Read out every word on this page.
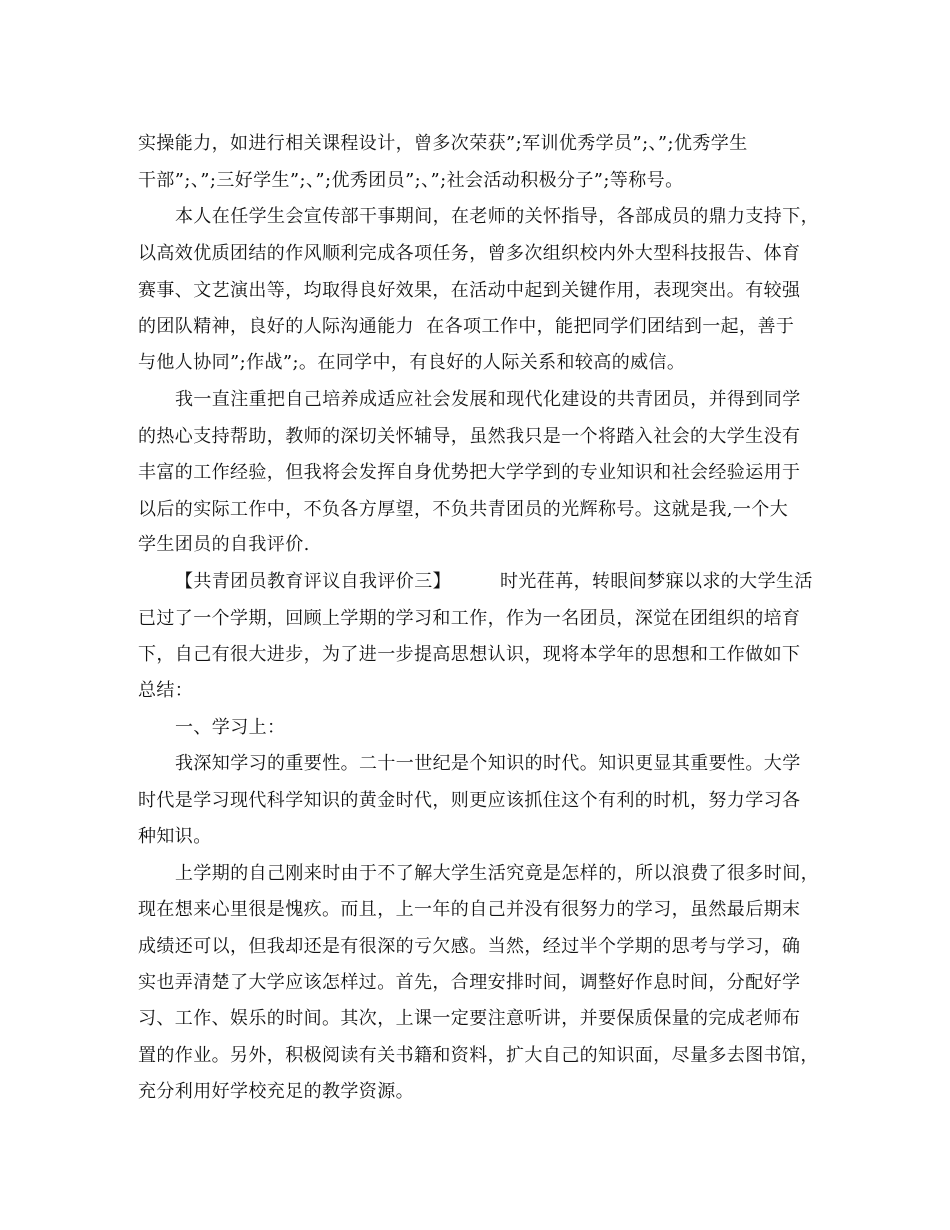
实操能力，如进行相关课程设计，曾多次荣获”;军训优秀学员”;、”;优秀学生
干部”;、”;三好学生”;、”;优秀团员”;、”;社会活动积极分子”;等称号。
本人在任学生会宣传部干事期间，在老师的关怀指导，各部成员的鼎力支持下，
以高效优质团结的作风顺利完成各项任务，曾多次组织校内外大型科技报告、体育
赛事、文艺演出等，均取得良好效果，在活动中起到关键作用，表现突出。有较强
的团队精神，良好的人际沟通能力  在各项工作中，能把同学们团结到一起，善于
与他人协同”;作战”;。在同学中，有良好的人际关系和较高的威信。
我一直注重把自己培养成适应社会发展和现代化建设的共青团员，并得到同学
的热心支持帮助，教师的深切关怀辅导，虽然我只是一个将踏入社会的大学生没有
丰富的工作经验，但我将会发挥自身优势把大学学到的专业知识和社会经验运用于
以后的实际工作中，不负各方厚望，不负共青团员的光辉称号。这就是我,一个大
学生团员的自我评价.
【共青团员教育评议自我评价三】        时光荏苒，转眼间梦寐以求的大学生活
已过了一个学期，回顾上学期的学习和工作，作为一名团员，深觉在团组织的培育
下，自己有很大进步，为了进一步提高思想认识，现将本学年的思想和工作做如下
总结：
一、学习上：
我深知学习的重要性。二十一世纪是个知识的时代。知识更显其重要性。大学
时代是学习现代科学知识的黄金时代，则更应该抓住这个有利的时机，努力学习各
种知识。
上学期的自己刚来时由于不了解大学生活究竟是怎样的，所以浪费了很多时间，
现在想来心里很是愧疚。而且，上一年的自己并没有很努力的学习，虽然最后期末
成绩还可以，但我却还是有很深的亏欠感。当然，经过半个学期的思考与学习，确
实也弄清楚了大学应该怎样过。首先，合理安排时间，调整好作息时间，分配好学
习、工作、娱乐的时间。其次，上课一定要注意听讲，并要保质保量的完成老师布
置的作业。另外，积极阅读有关书籍和资料，扩大自己的知识面，尽量多去图书馆，
充分利用好学校充足的教学资源。
